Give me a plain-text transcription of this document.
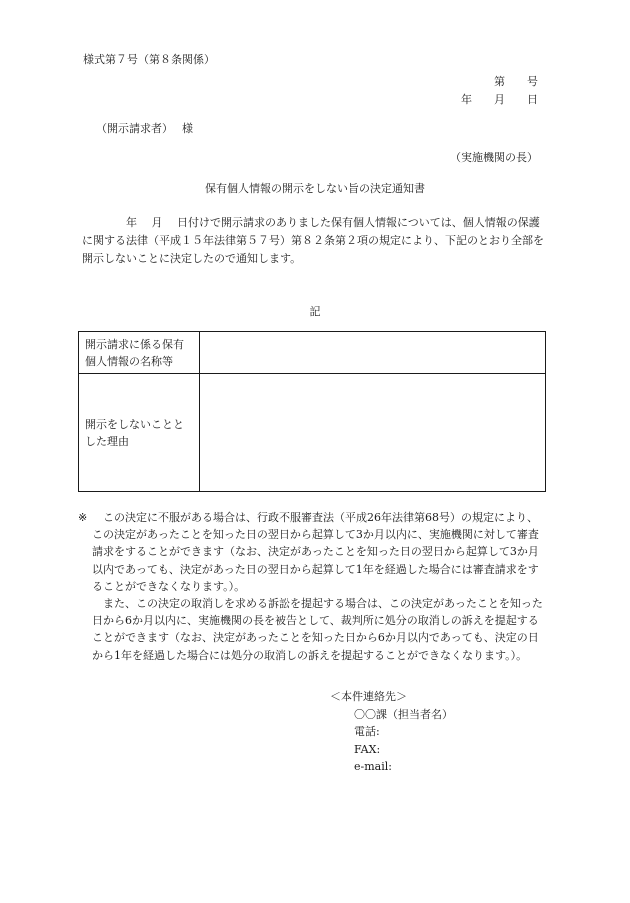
様式第７号（第８条関係）
第　　号
年　　月　　日
（開示請求者）　 様
（実施機関の長）
保有個人情報の開示をしない旨の決定通知書
　　　　年　 月　 日付けで開示請求のありました保有個人情報については、個人情報の保護に関する法律（平成１５年法律第５７号）第８２条第２項の規定により、下記のとおり全部を開示しないことに決定したので通知します。
記
開示請求に係る保有個人情報の名称等	
開示をしないこととした理由	
※	この決定に不服がある場合は、行政不服審査法（平成26年法律第68号）の規定により、この決定があったことを知った日の翌日から起算して3か月以内に、実施機関に対して審査請求をすることができます（なお、決定があったことを知った日の翌日から起算して3か月以内であっても、決定があった日の翌日から起算して1年を経過した場合には審査請求をすることができなくなります。）。
また、この決定の取消しを求める訴訟を提起する場合は、この決定があったことを知った日から6か月以内に、実施機関の長を被告として、裁判所に処分の取消しの訴えを提起することができます（なお、決定があったことを知った日から6か月以内であっても、決定の日から1年を経過した場合には処分の取消しの訴えを提起することができなくなります。）。
＜本件連絡先＞
〇〇課（担当者名）
電話:
FAX:
e-mail:
